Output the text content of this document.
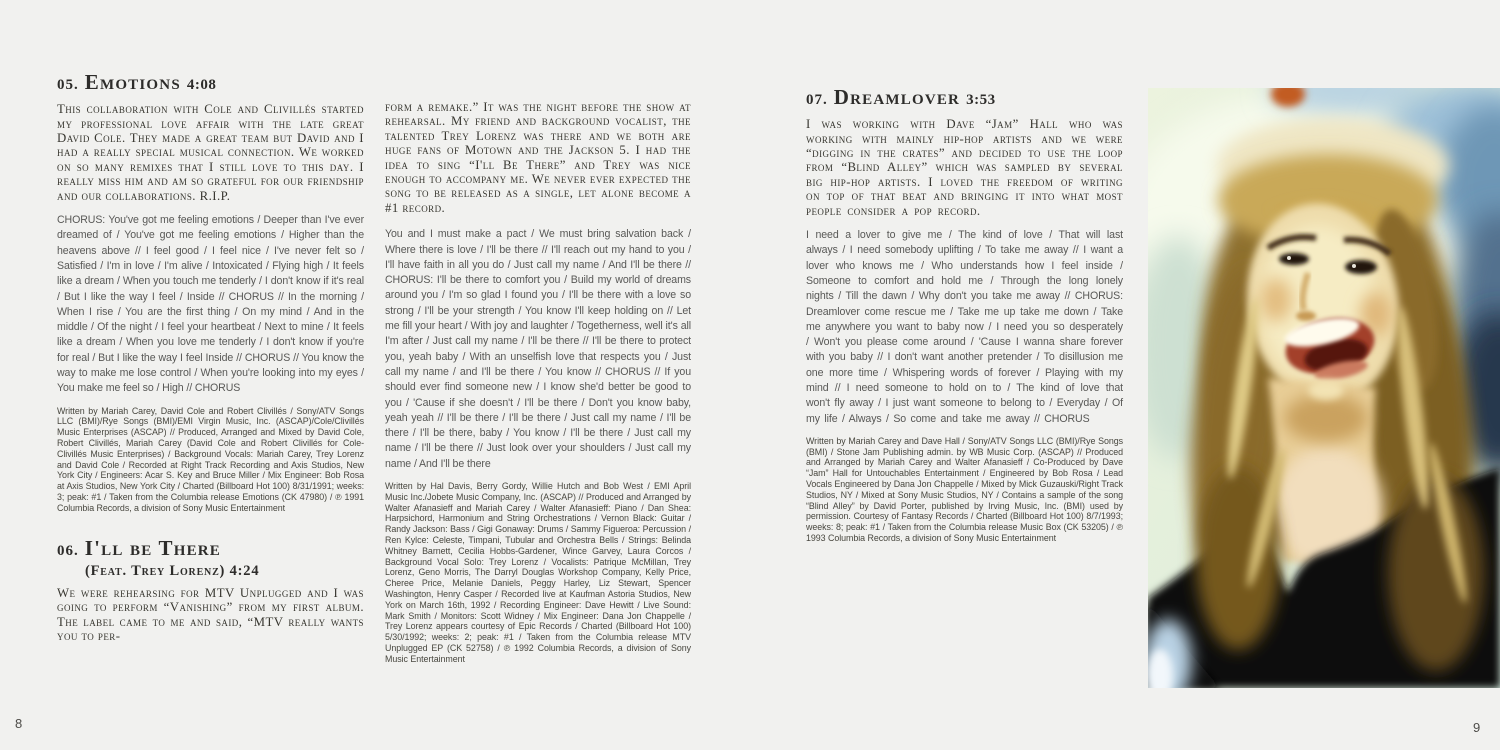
05. Emotions 4:08

This collaboration with Cole and Clivillés started my professional love affair with the late great David Cole. They made a great team but David and I had a really special musical connection. We worked on so many remixes that I still love to this day. I really miss him and am so grateful for our friendship and our collaborations. R.I.P.

CHORUS: You've got me feeling emotions / Deeper than I've ever dreamed of / You've got me feeling emotions / Higher than the heavens above // I feel good / I feel nice / I've never felt so / Satisfied / I'm in love / I'm alive / Intoxicated / Flying high / It feels like a dream / When you touch me tenderly / I don't know if it's real / But I like the way I feel / Inside // CHORUS // In the morning / When I rise / You are the first thing / On my mind / And in the middle / Of the night / I feel your heartbeat / Next to mine / It feels like a dream / When you love me tenderly / I don't know if you're for real / But I like the way I feel Inside // CHORUS // You know the way to make me lose control / When you're looking into my eyes / You make me feel so / High // CHORUS

Written by Mariah Carey, David Cole and Robert Clivillés / Sony/ATV Songs LLC (BMI)/Rye Songs (BMI)/EMI Virgin Music, Inc. (ASCAP)/Cole/Clivillés Music Enterprises (ASCAP) // Produced, Arranged and Mixed by David Cole, Robert Clivillés, Mariah Carey (David Cole and Robert Clivillés for Cole-Clivillés Music Enterprises) / Background Vocals: Mariah Carey, Trey Lorenz and David Cole / Recorded at Right Track Recording and Axis Studios, New York City / Engineers: Acar S. Key and Bruce Miller / Mix Engineer: Bob Rosa at Axis Studios, New York City / Charted (Billboard Hot 100) 8/31/1991; weeks: 3; peak: #1 / Taken from the Columbia release Emotions (CK 47980) / ℗ 1991 Columbia Records, a division of Sony Music Entertainment

06. I'll be There
(Feat. Trey Lorenz) 4:24

We were rehearsing for MTV Unplugged and I was going to perform “Vanishing” from my first album. The label came to me and said, “MTV really wants you to per-

form a remake.” It was the night before the show at rehearsal. My friend and background vocalist, the talented Trey Lorenz was there and we both are huge fans of Motown and the Jackson 5. I had the idea to sing “I'll Be There” and Trey was nice enough to accompany me. We never ever expected the song to be released as a single, let alone become a #1 record.

You and I must make a pact / We must bring salvation back / Where there is love / I'll be there // I'll reach out my hand to you / I'll have faith in all you do / Just call my name / And I'll be there // CHORUS: I'll be there to comfort you / Build my world of dreams around you / I'm so glad I found you / I'll be there with a love so strong / I'll be your strength / You know I'll keep holding on // Let me fill your heart / With joy and laughter / Togetherness, well it's all I'm after / Just call my name / I'll be there // I'll be there to protect you, yeah baby / With an unselfish love that respects you / Just call my name / and I'll be there / You know // CHORUS // If you should ever find someone new / I know she'd better be good to you / 'Cause if she doesn't / I'll be there / Don't you know baby, yeah yeah // I'll be there / I'll be there / Just call my name / I'll be there / I'll be there, baby / You know / I'll be there / Just call my name / I'll be there // Just look over your shoulders / Just call my name / And I'll be there

Written by Hal Davis, Berry Gordy, Willie Hutch and Bob West / EMI April Music Inc./Jobete Music Company, Inc. (ASCAP) // Produced and Arranged by Walter Afanasieff and Mariah Carey / Walter Afanasieff: Piano / Dan Shea: Harpsichord, Harmonium and String Orchestrations / Vernon Black: Guitar / Randy Jackson: Bass / Gigi Gonaway: Drums / Sammy Figueroa: Percussion / Ren Kylce: Celeste, Timpani, Tubular and Orchestra Bells / Strings: Belinda Whitney Barnett, Cecilia Hobbs-Gardener, Wince Garvey, Laura Corcos / Background Vocal Solo: Trey Lorenz / Vocalists: Patrique McMillan, Trey Lorenz, Geno Morris, The Darryl Douglas Workshop Company, Kelly Price, Cheree Price, Melanie Daniels, Peggy Harley, Liz Stewart, Spencer Washington, Henry Casper / Recorded live at Kaufman Astoria Studios, New York on March 16th, 1992 / Recording Engineer: Dave Hewitt / Live Sound: Mark Smith / Monitors: Scott Widney / Mix Engineer: Dana Jon Chappelle / Trey Lorenz appears courtesy of Epic Records / Charted (Billboard Hot 100) 5/30/1992; weeks: 2; peak: #1 / Taken from the Columbia release MTV Unplugged EP (CK 52758) / ℗ 1992 Columbia Records, a division of Sony Music Entertainment

07. Dreamlover 3:53

I was working with Dave “Jam” Hall who was working with mainly hip-hop artists and we were “digging in the crates” and decided to use the loop from “Blind Alley” which was sampled by several big hip-hop artists. I loved the freedom of writing on top of that beat and bringing it into what most people consider a pop record.

I need a lover to give me / The kind of love / That will last always / I need somebody uplifting / To take me away // I want a lover who knows me / Who understands how I feel inside / Someone to comfort and hold me / Through the long lonely nights / Till the dawn / Why don't you take me away // CHORUS: Dreamlover come rescue me / Take me up take me down / Take me anywhere you want to baby now / I need you so desperately / Won't you please come around / 'Cause I wanna share forever with you baby // I don't want another pretender / To disillusion me one more time / Whispering words of forever / Playing with my mind // I need someone to hold on to / The kind of love that won't fly away / I just want someone to belong to / Everyday / Of my life / Always / So come and take me away // CHORUS

Written by Mariah Carey and Dave Hall / Sony/ATV Songs LLC (BMI)/Rye Songs (BMI) / Stone Jam Publishing admin. by WB Music Corp. (ASCAP) // Produced and Arranged by Mariah Carey and Walter Afanasieff / Co-Produced by Dave “Jam” Hall for Untouchables Entertainment / Engineered by Bob Rosa / Lead Vocals Engineered by Dana Jon Chappelle / Mixed by Mick Guzauski/Right Track Studios, NY / Mixed at Sony Music Studios, NY / Contains a sample of the song “Blind Alley” by David Porter, published by Irving Music, Inc. (BMI) used by permission. Courtesy of Fantasy Records / Charted (Billboard Hot 100) 8/7/1993; weeks: 8; peak: #1 / Taken from the Columbia release Music Box (CK 53205) / ℗ 1993 Columbia Records, a division of Sony Music Entertainment

8	9
